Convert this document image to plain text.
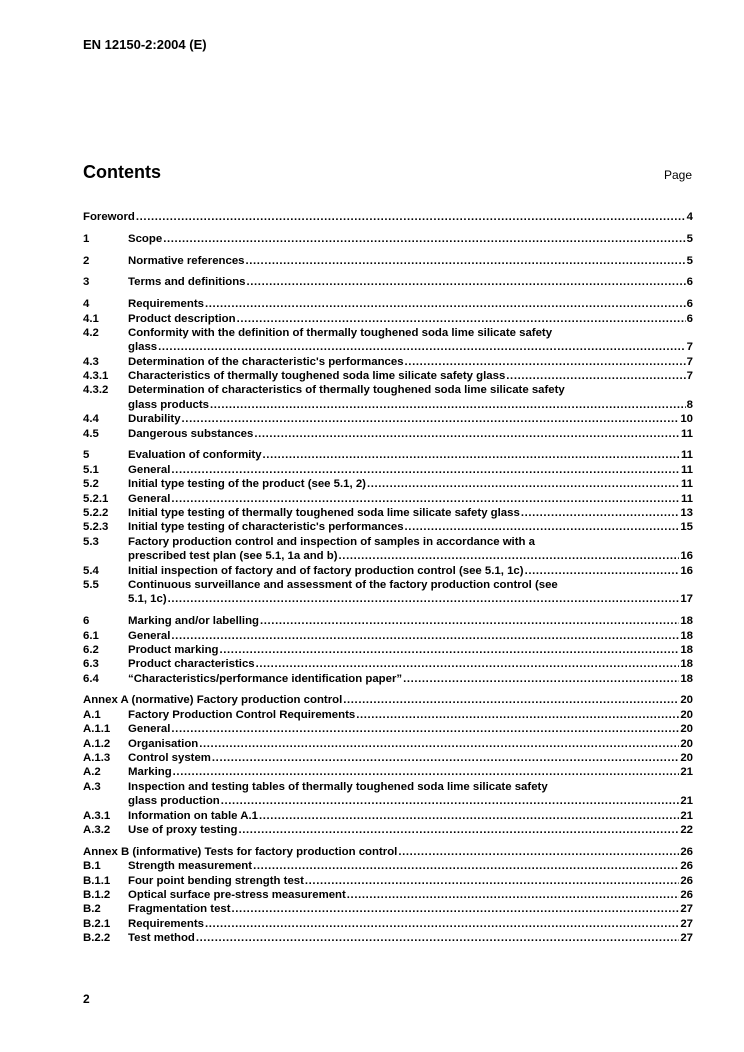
EN 12150-2:2004 (E)
Contents	Page
Foreword .....	4
1	Scope .....	5
2	Normative references .....	5
3	Terms and definitions .....	6
4	Requirements .....	6
4.1	Product description .....	6
4.2	Conformity with the definition of thermally toughened soda lime silicate safety
glass .....	7
4.3	Determination of the characteristic's performances .....	7
4.3.1	Characteristics of thermally toughened soda lime silicate safety glass .....	7
4.3.2	Determination of characteristics of thermally toughened soda lime silicate safety
glass products .....	8
4.4	Durability .....	10
4.5	Dangerous substances .....	11
5	Evaluation of conformity .....	11
5.1	General .....	11
5.2	Initial type testing of the product (see 5.1, 2) .....	11
5.2.1	General .....	11
5.2.2	Initial type testing of thermally toughened soda lime silicate safety glass .....	13
5.2.3	Initial type testing of characteristic's performances .....	15
5.3	Factory production control and inspection of samples in accordance with a
prescribed test plan (see 5.1, 1a and b) .....	16
5.4	Initial inspection of factory and of factory production control (see 5.1, 1c) .....	16
5.5	Continuous surveillance and assessment of the factory production control (see
5.1, 1c) .....	17
6	Marking and/or labelling .....	18
6.1	General .....	18
6.2	Product marking .....	18
6.3	Product characteristics .....	18
6.4	“Characteristics/performance identification paper” .....	18
Annex A (normative) Factory production control .....	20
A.1	Factory Production Control Requirements .....	20
A.1.1	General .....	20
A.1.2	Organisation .....	20
A.1.3	Control system .....	20
A.2	Marking .....	21
A.3	Inspection and testing tables of thermally toughened soda lime silicate safety
glass production .....	21
A.3.1	Information on table A.1 .....	21
A.3.2	Use of proxy testing .....	22
Annex B (informative) Tests for factory production control .....	26
B.1	Strength measurement .....	26
B.1.1	Four point bending strength test .....	26
B.1.2	Optical surface pre-stress measurement .....	26
B.2	Fragmentation test .....	27
B.2.1	Requirements .....	27
B.2.2	Test method .....	27
2
